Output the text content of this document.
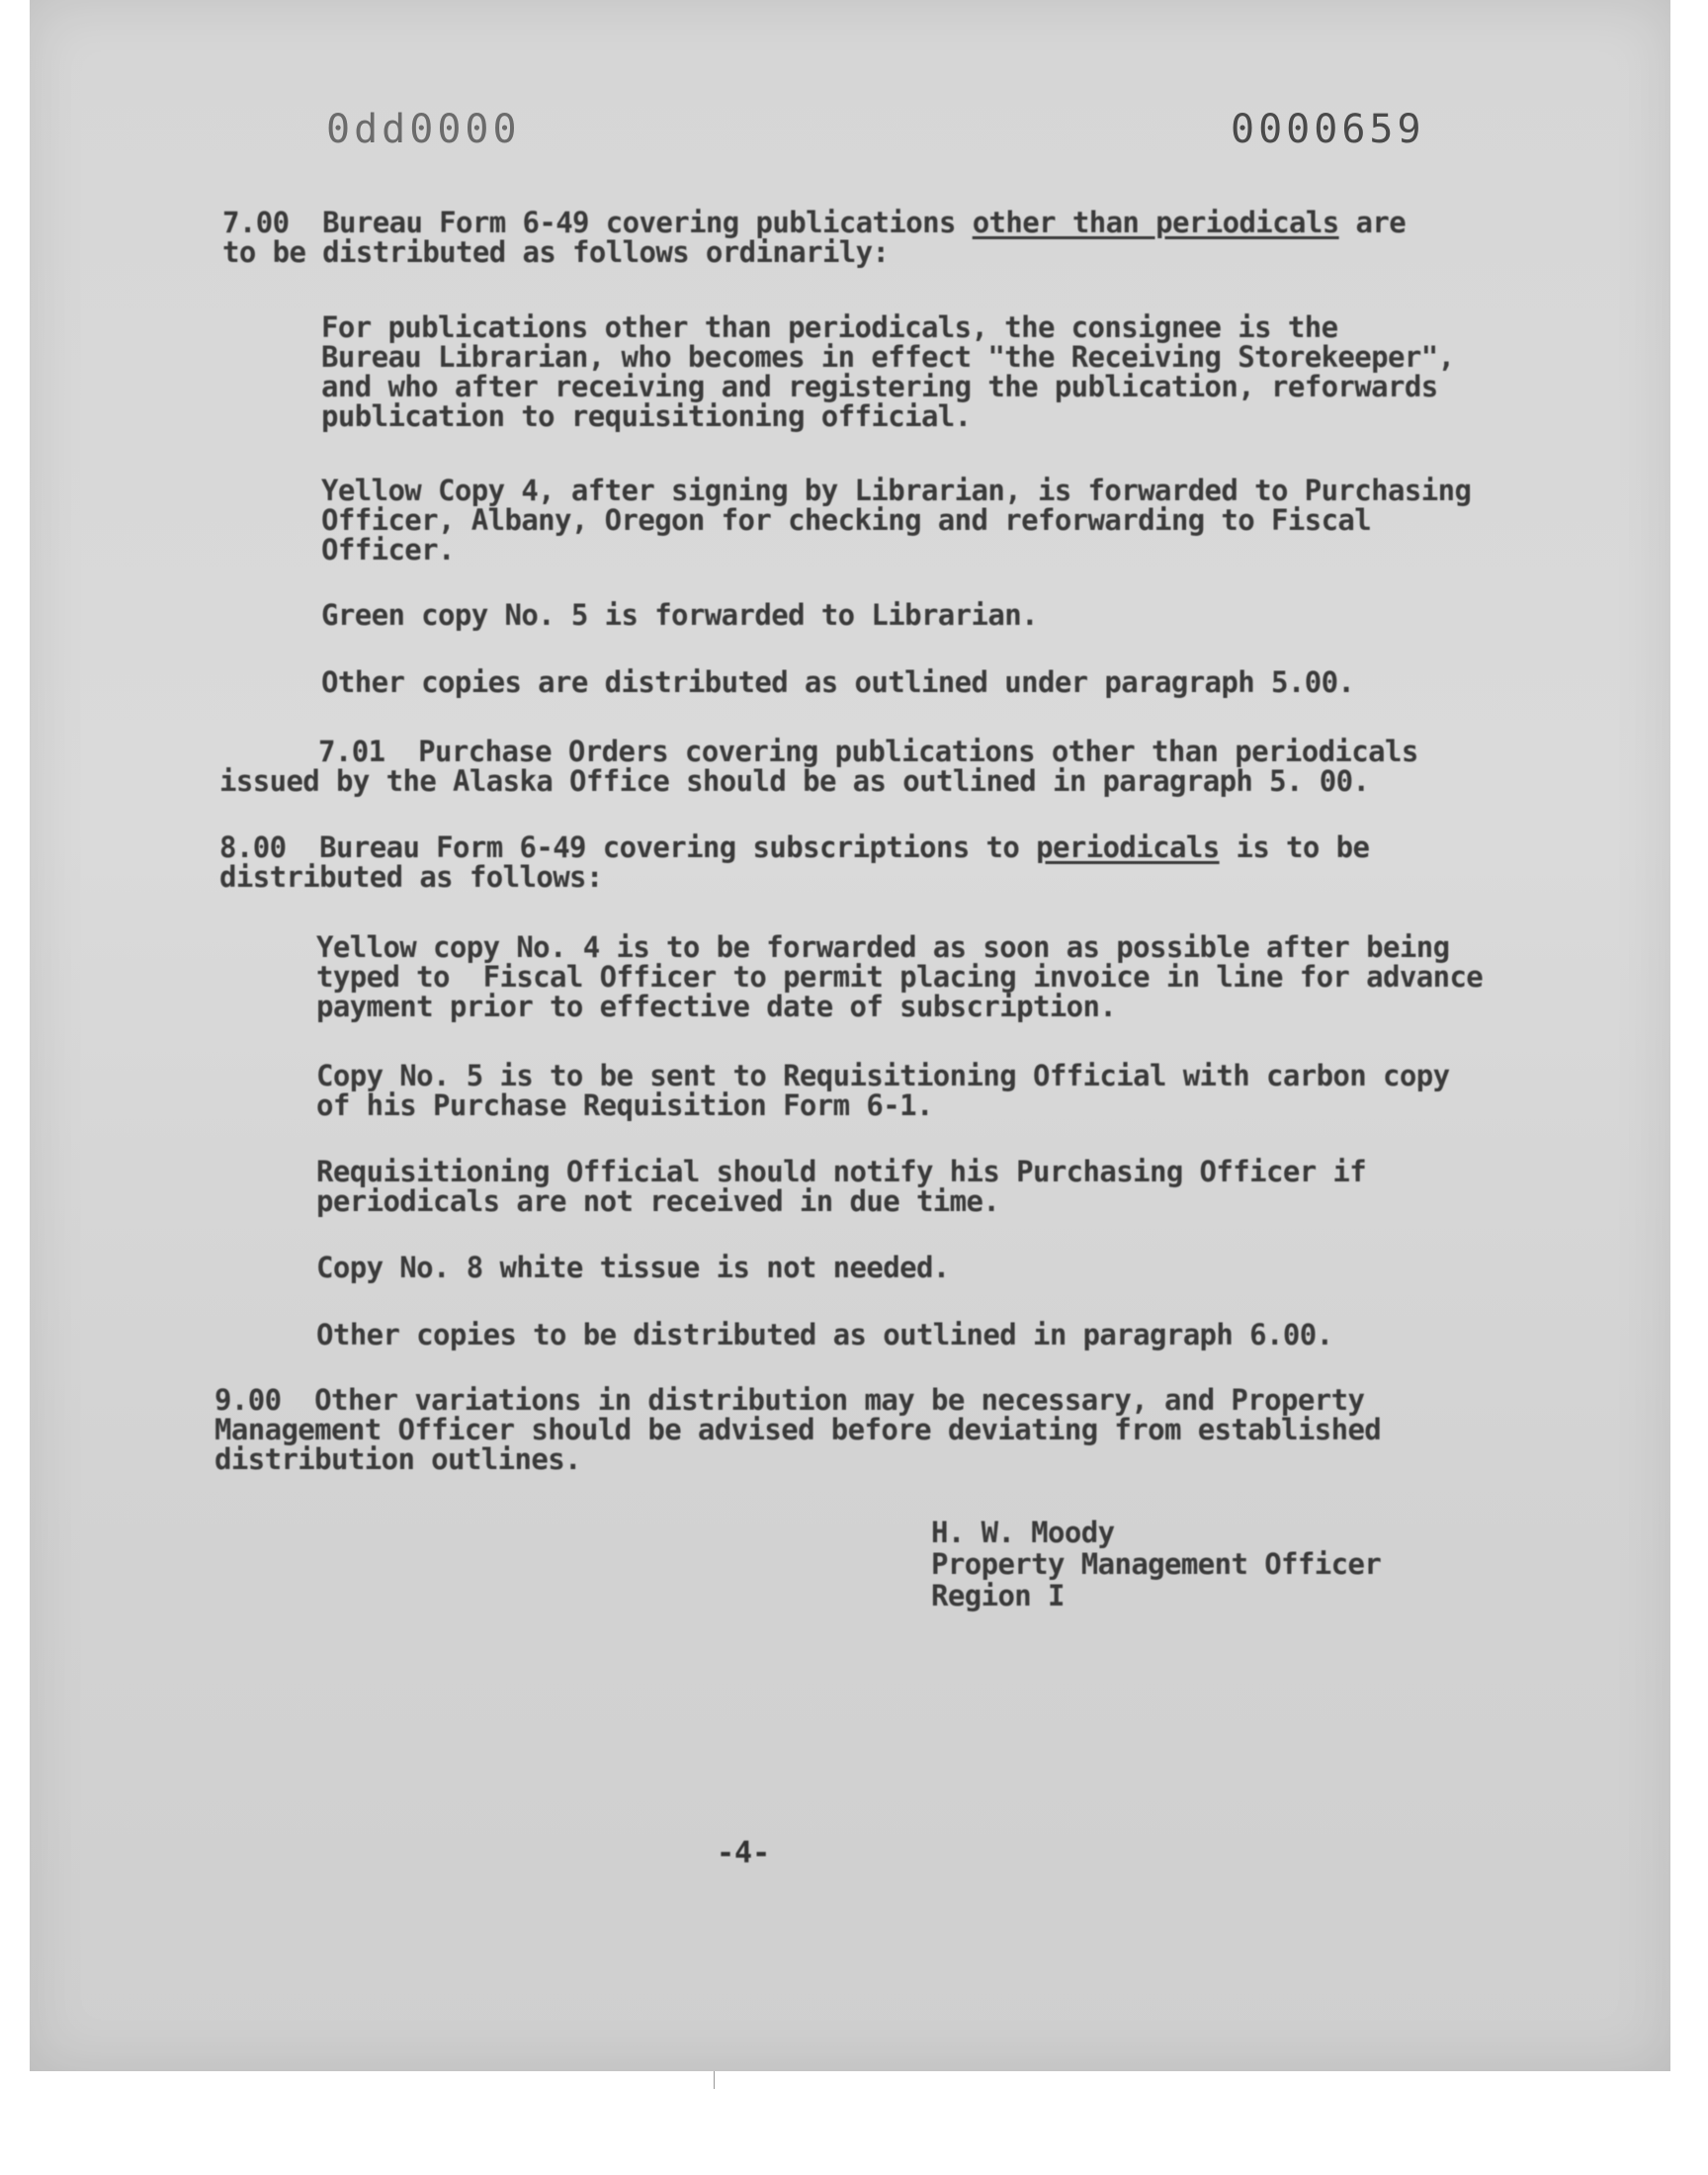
0dd0000	0000659
7.00  Bureau Form 6-49 covering publications other than periodicals are
to be distributed as follows ordinarily:
For publications other than periodicals, the consignee is the
Bureau Librarian, who becomes in effect "the Receiving Storekeeper",
and who after receiving and registering the publication, reforwards
publication to requisitioning official.
Yellow Copy 4, after signing by Librarian, is forwarded to Purchasing
Officer, Albany, Oregon for checking and reforwarding to Fiscal
Officer.
Green copy No. 5 is forwarded to Librarian.
Other copies are distributed as outlined under paragraph 5.00.
7.01  Purchase Orders covering publications other than periodicals
issued by the Alaska Office should be as outlined in paragraph 5. 00.
8.00  Bureau Form 6-49 covering subscriptions to periodicals is to be
distributed as follows:
Yellow copy No. 4 is to be forwarded as soon as possible after being
typed to  Fiscal Officer to permit placing invoice in line for advance
payment prior to effective date of subscription.
Copy No. 5 is to be sent to Requisitioning Official with carbon copy
of his Purchase Requisition Form 6-1.
Requisitioning Official should notify his Purchasing Officer if
periodicals are not received in due time.
Copy No. 8 white tissue is not needed.
Other copies to be distributed as outlined in paragraph 6.00.
9.00  Other variations in distribution may be necessary, and Property
Management Officer should be advised before deviating from established
distribution outlines.
H. W. Moody
Property Management Officer
Region I
-4-
